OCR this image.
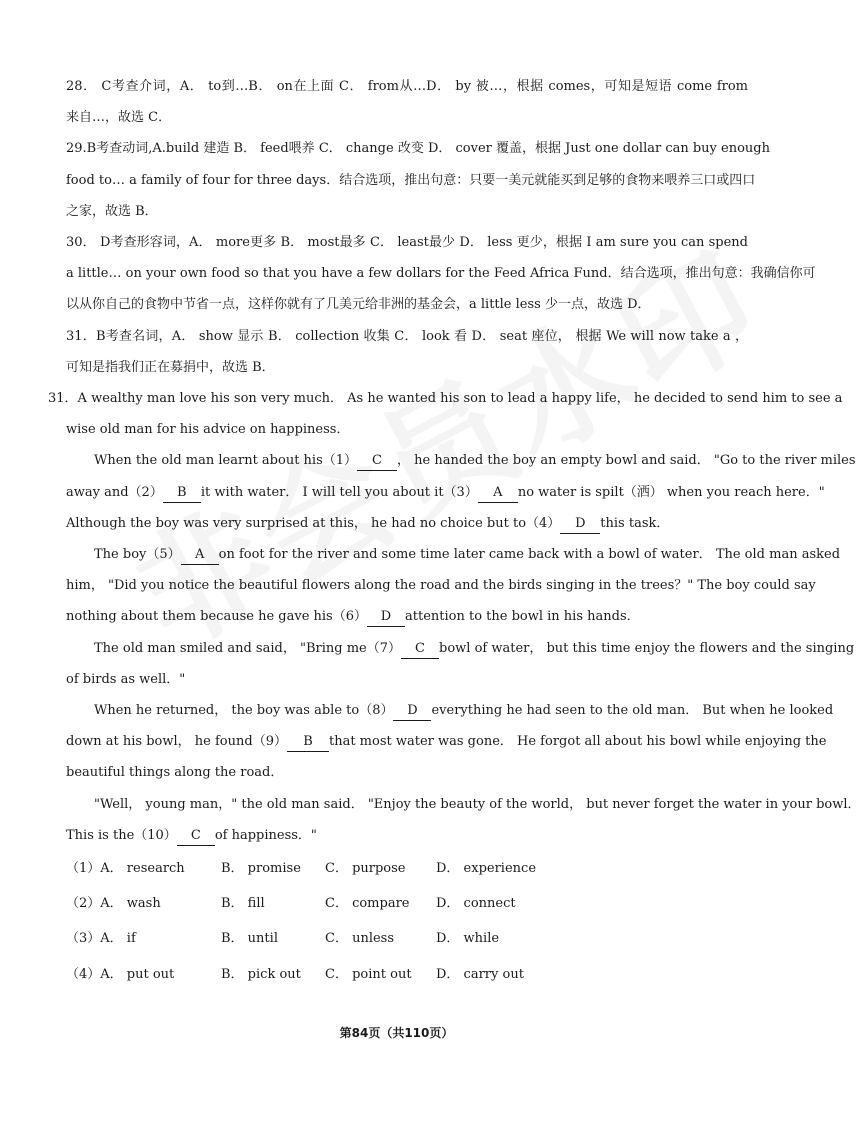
28． C考查介词，A． to到…B． on在上面 C． from从…D． by 被…，根据 comes，可知是短语 come from
来自…，故选 C．
29.B考查动词,A.build 建造 B． feed喂养 C． change 改变 D． cover 覆盖，根据 Just one dollar can buy enough
food to… a family of four for three days．结合选项，推出句意：只要一美元就能买到足够的食物来喂养三口或四口
之家，故选 B．
30． D考查形容词，A． more更多 B． most最多 C． least最少 D． less 更少，根据 I am sure you can spend
a little… on your own food so that you have a few dollars for the Feed Africa Fund．结合选项，推出句意：我确信你可
以从你自己的食物中节省一点，这样你就有了几美元给非洲的基金会，a little less 少一点，故选 D．
31．B考查名词，A． show 显示 B． collection 收集 C． look 看 D． seat 座位， 根据 We will now take a ，
可知是指我们正在募捐中，故选 B．
31．A wealthy man love his son very much． As he wanted his son to lead a happy life， he decided to send him to see a
wise old man for his advice on happiness．
When the old man learnt about his（1） C ， he handed the boy an empty bowl and said． "Go to the river miles
away and（2） B it with water． I will tell you about it（3） A no water is spilt（洒） when you reach here．"
Although the boy was very surprised at this， he had no choice but to（4） D this task．
The boy（5） A on foot for the river and some time later came back with a bowl of water． The old man asked
him， "Did you notice the beautiful flowers along the road and the birds singing in the trees？" The boy could say
nothing about them because he gave his（6） D attention to the bowl in his hands．
The old man smiled and said， "Bring me（7） C bowl of water， but this time enjoy the flowers and the singing
of birds as well．"
When he returned， the boy was able to（8） D everything he had seen to the old man． But when he looked
down at his bowl， he found（9） B that most water was gone． He forgot all about his bowl while enjoying the
beautiful things along the road．
"Well， young man，" the old man said． "Enjoy the beauty of the world， but never forget the water in your bowl．
This is the（10） C of happiness．"
（1）A． research	B． promise C． purpose D． experience
（2）A． wash	B． fill	C． compare D． connect
（3）A． if	B． until	C． unless	D． while
（4）A． put out	B． pick out C． point out D． carry out
第84页（共110页）
